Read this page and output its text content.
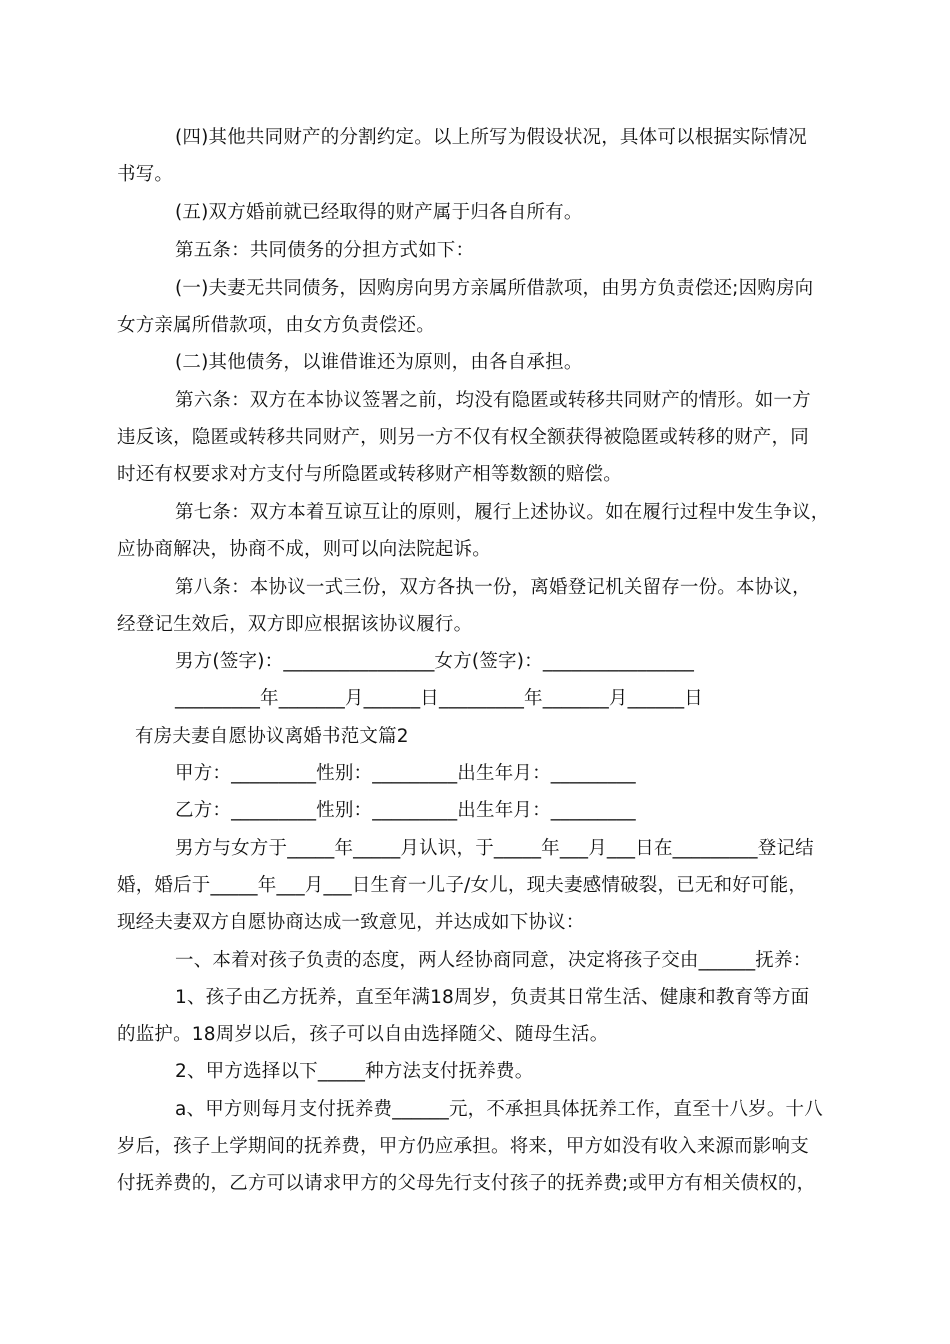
(四)其他共同财产的分割约定。以上所写为假设状况，具体可以根据实际情况

书写。

(五)双方婚前就已经取得的财产属于归各自所有。

第五条：共同债务的分担方式如下：

(一)夫妻无共同债务，因购房向男方亲属所借款项，由男方负责偿还;因购房向

女方亲属所借款项，由女方负责偿还。

(二)其他债务，以谁借谁还为原则，由各自承担。

第六条：双方在本协议签署之前，均没有隐匿或转移共同财产的情形。如一方

违反该，隐匿或转移共同财产，则另一方不仅有权全额获得被隐匿或转移的财产，同

时还有权要求对方支付与所隐匿或转移财产相等数额的赔偿。

第七条：双方本着互谅互让的原则，履行上述协议。如在履行过程中发生争议，

应协商解决，协商不成，则可以向法院起诉。

第八条：本协议一式三份，双方各执一份，离婚登记机关留存一份。本协议，

经登记生效后，双方即应根据该协议履行。

男方(签字)：________________女方(签字)：________________

_________年_______月______日_________年_______月______日

有房夫妻自愿协议离婚书范文篇2

甲方：_________性别：_________出生年月：_________

乙方：_________性别：_________出生年月：_________

男方与女方于_____年_____月认识，于_____年___月___日在_________登记结

婚，婚后于_____年___月___日生育一儿子/女儿，现夫妻感情破裂，已无和好可能，

现经夫妻双方自愿协商达成一致意见，并达成如下协议：

一、本着对孩子负责的态度，两人经协商同意，决定将孩子交由______抚养：

1、孩子由乙方抚养，直至年满18周岁，负责其日常生活、健康和教育等方面

的监护。18周岁以后，孩子可以自由选择随父、随母生活。

2、甲方选择以下_____种方法支付抚养费。

a、甲方则每月支付抚养费______元，不承担具体抚养工作，直至十八岁。十八

岁后，孩子上学期间的抚养费，甲方仍应承担。将来，甲方如没有收入来源而影响支

付抚养费的，乙方可以请求甲方的父母先行支付孩子的抚养费;或甲方有相关债权的，
